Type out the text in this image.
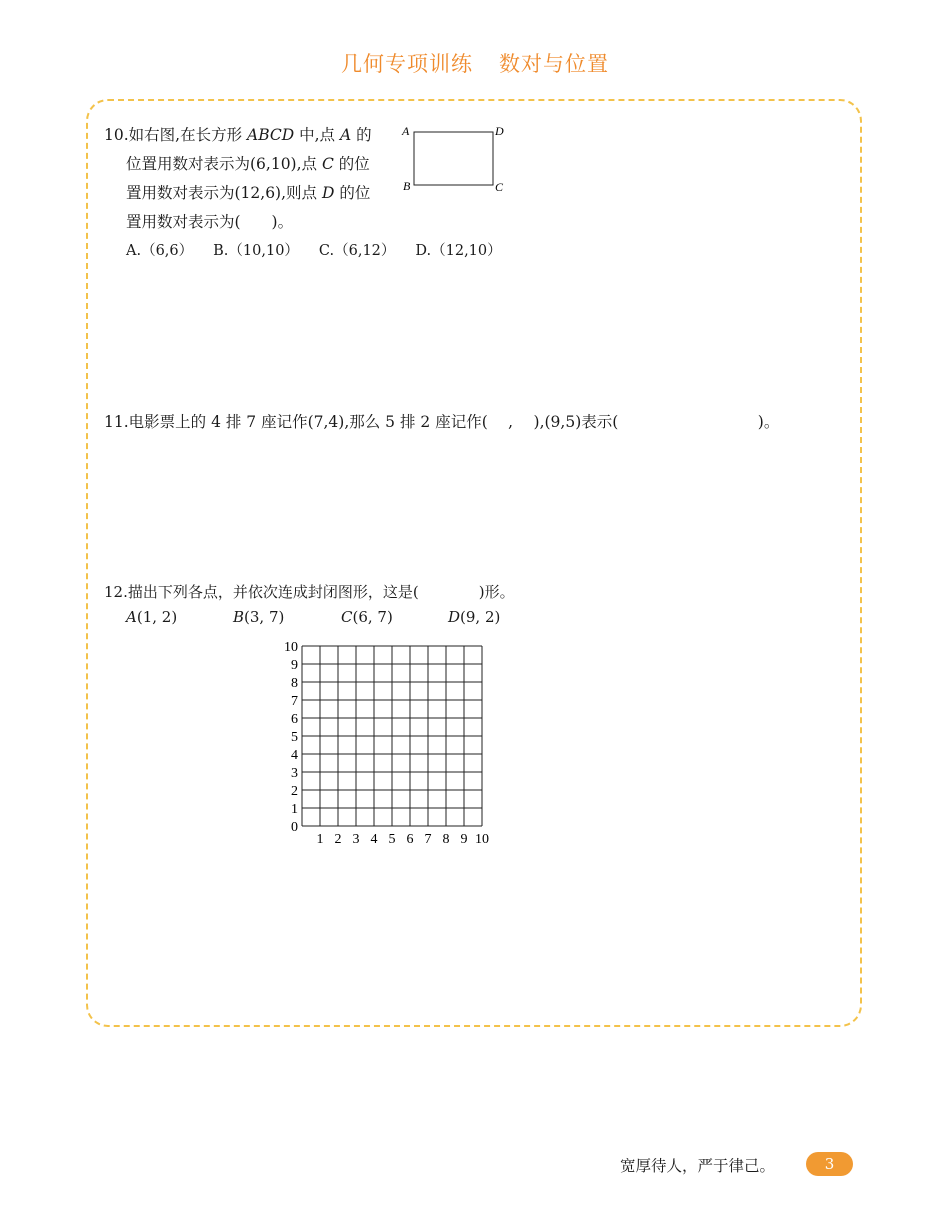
几何专项训练 数对与位置
10.如右图,在长方形 ABCD 中,点 A 的
位置用数对表示为(6,10),点 C 的位
置用数对表示为(12,6),则点 D 的位
置用数对表示为(　　)。
A.（6,6） B.（10,10） C.（6,12） D.（12,10）
A	D
B	C
11.电影票上的 4 排 7 座记作(7,4),那么 5 排 2 座记作(　 ,　 ),(9,5)表示(　　　　　　　　　)。
12.描出下列各点，并依次连成封闭图形，这是(　　　　)形。
A(1, 2)	B(3, 7)	C(6, 7)	D(9, 2)
1 2 3 4 5 6 7 8 9 10
0
1
2
3
4
5
6
7
8
9
10
宽厚待人，严于律己。	3
